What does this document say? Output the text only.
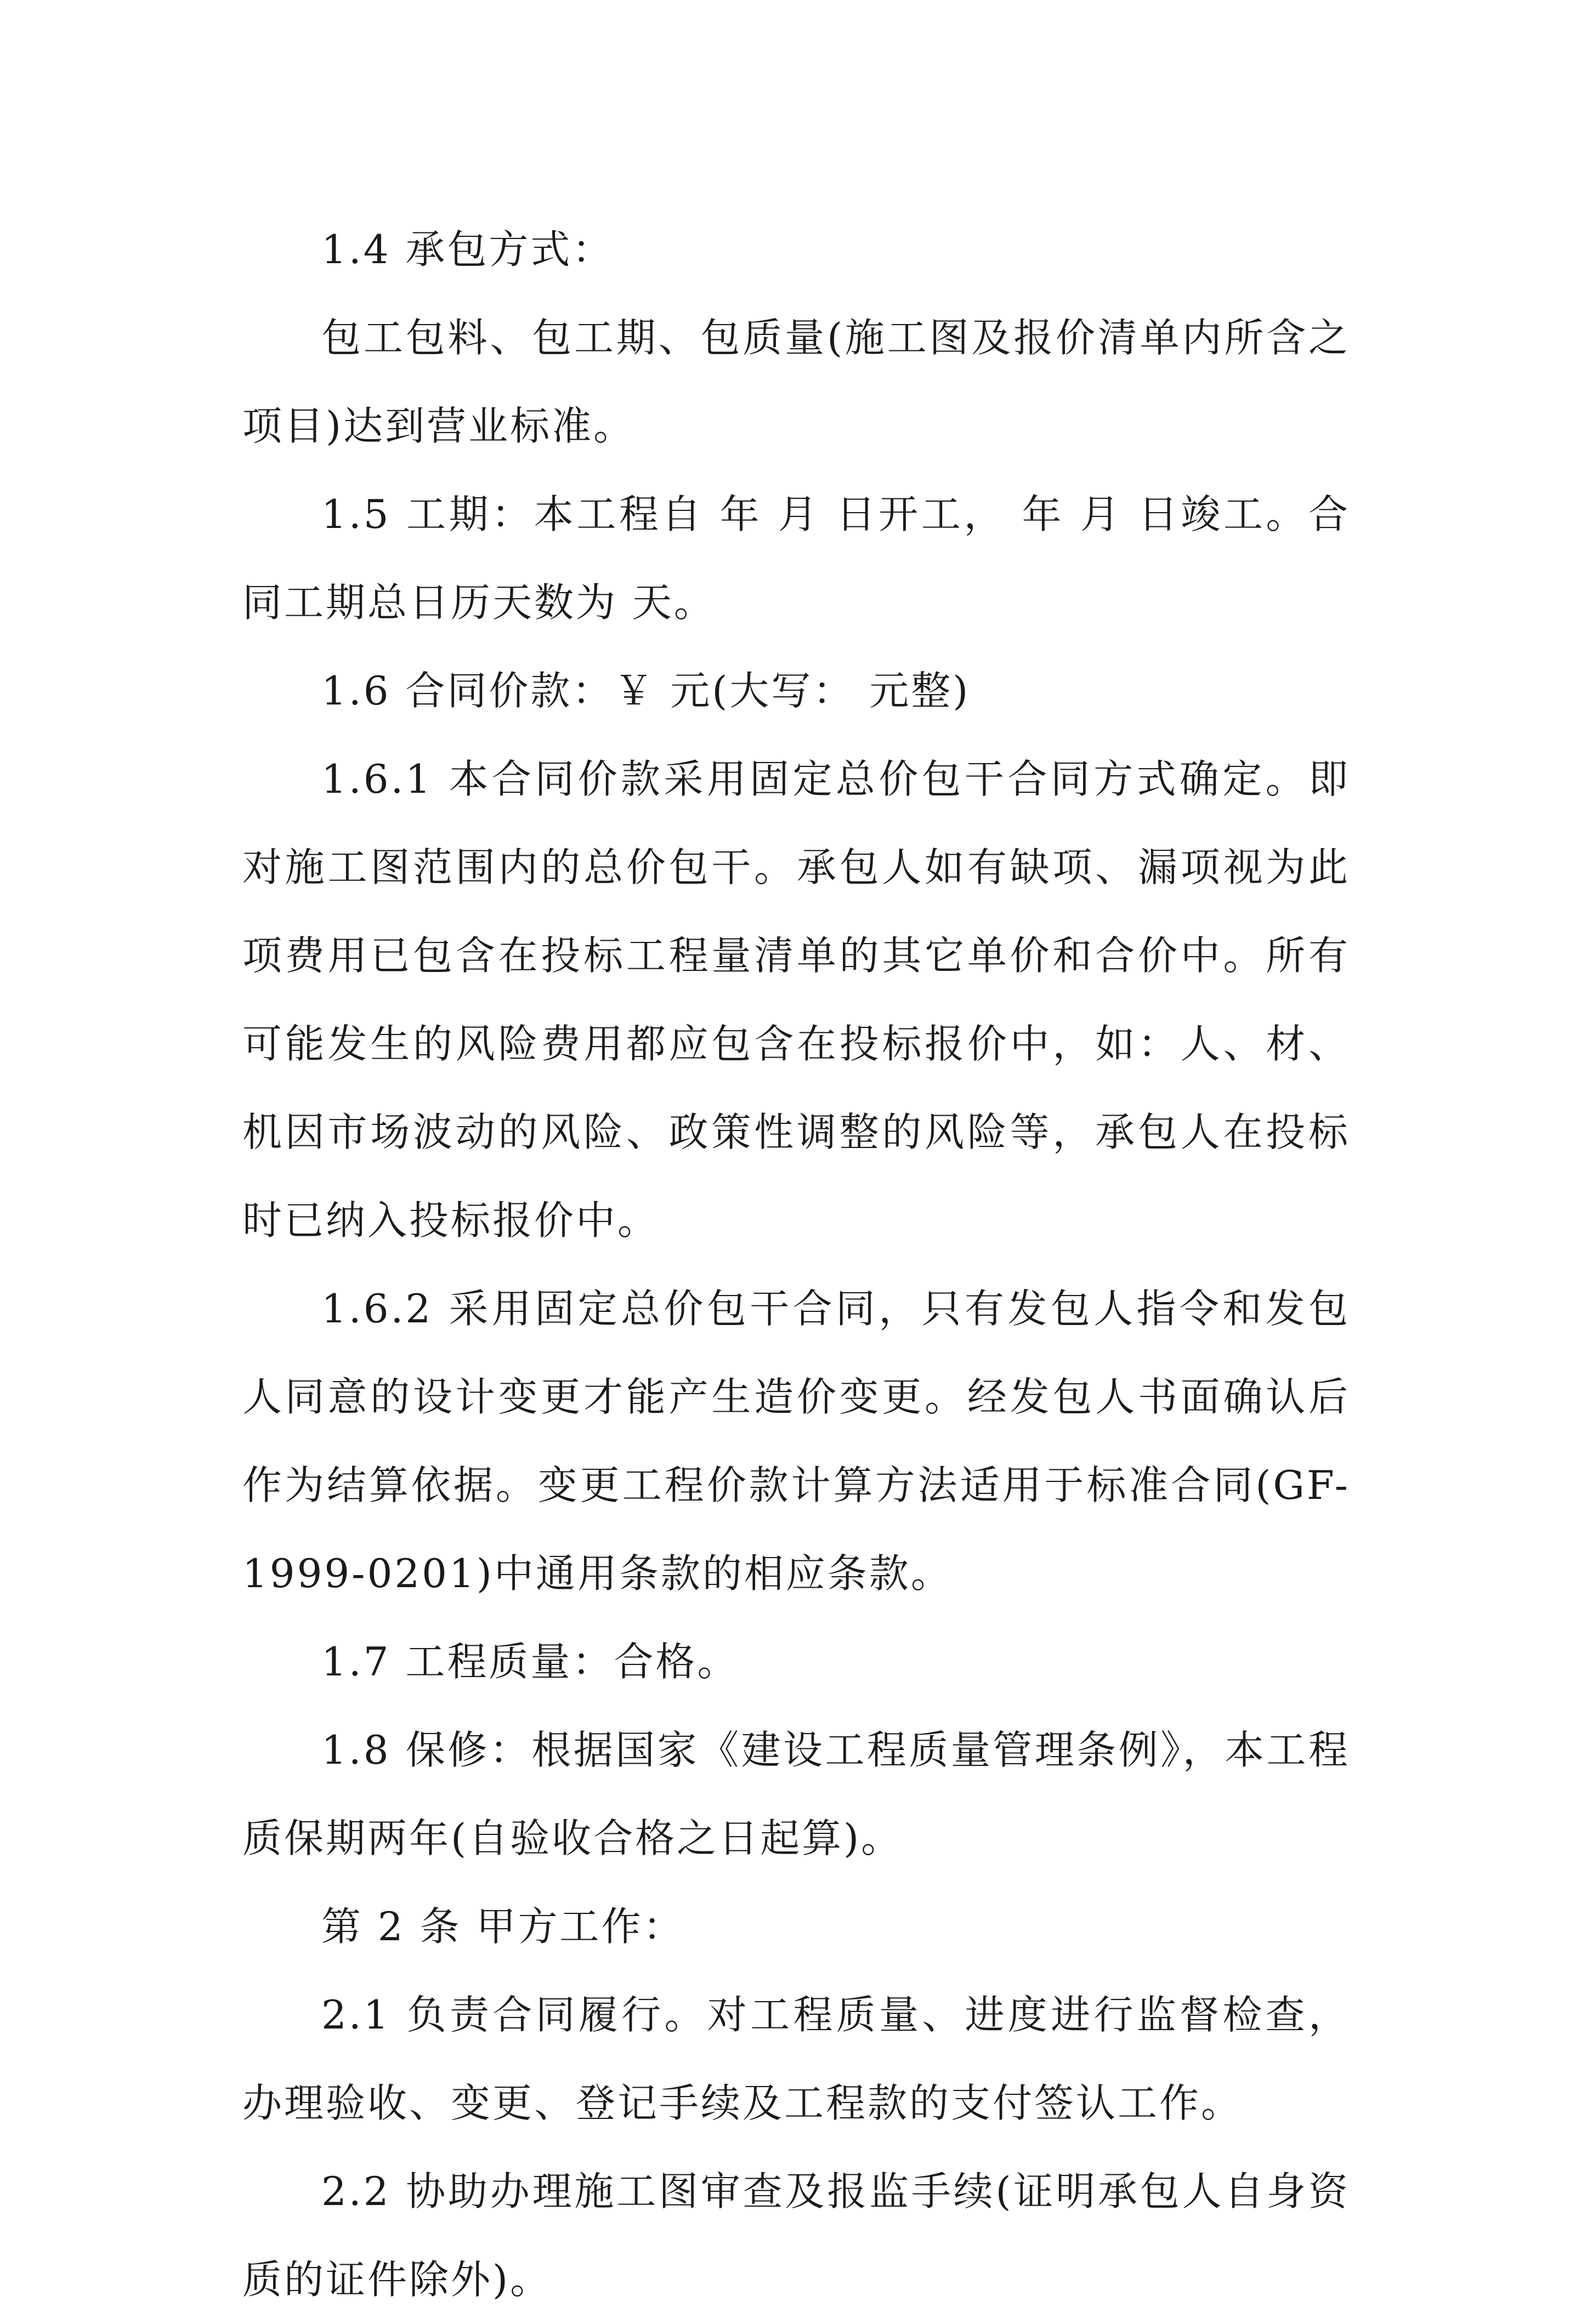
1.4 承包方式：

包工包料、包工期、包质量(施工图及报价清单内所含之项目)达到营业标准。

1.5 工期：本工程自 年 月 日开工， 年 月 日竣工。合同工期总日历天数为 天。

1.6 合同价款：￥ 元(大写： 元整)

1.6.1 本合同价款采用固定总价包干合同方式确定。即对施工图范围内的总价包干。承包人如有缺项、漏项视为此项费用已包含在投标工程量清单的其它单价和合价中。所有可能发生的风险费用都应包含在投标报价中，如：人、材、机因市场波动的风险、政策性调整的风险等，承包人在投标时已纳入投标报价中。

1.6.2 采用固定总价包干合同，只有发包人指令和发包人同意的设计变更才能产生造价变更。经发包人书面确认后作为结算依据。变更工程价款计算方法适用于标准合同(GF-1999-0201)中通用条款的相应条款。

1.7 工程质量：合格。

1.8 保修：根据国家《建设工程质量管理条例》，本工程质保期两年(自验收合格之日起算)。

第 2 条 甲方工作：

2.1 负责合同履行。对工程质量、进度进行监督检查，办理验收、变更、登记手续及工程款的支付签认工作。

2.2 协助办理施工图审查及报监手续(证明承包人自身资质的证件除外)。
